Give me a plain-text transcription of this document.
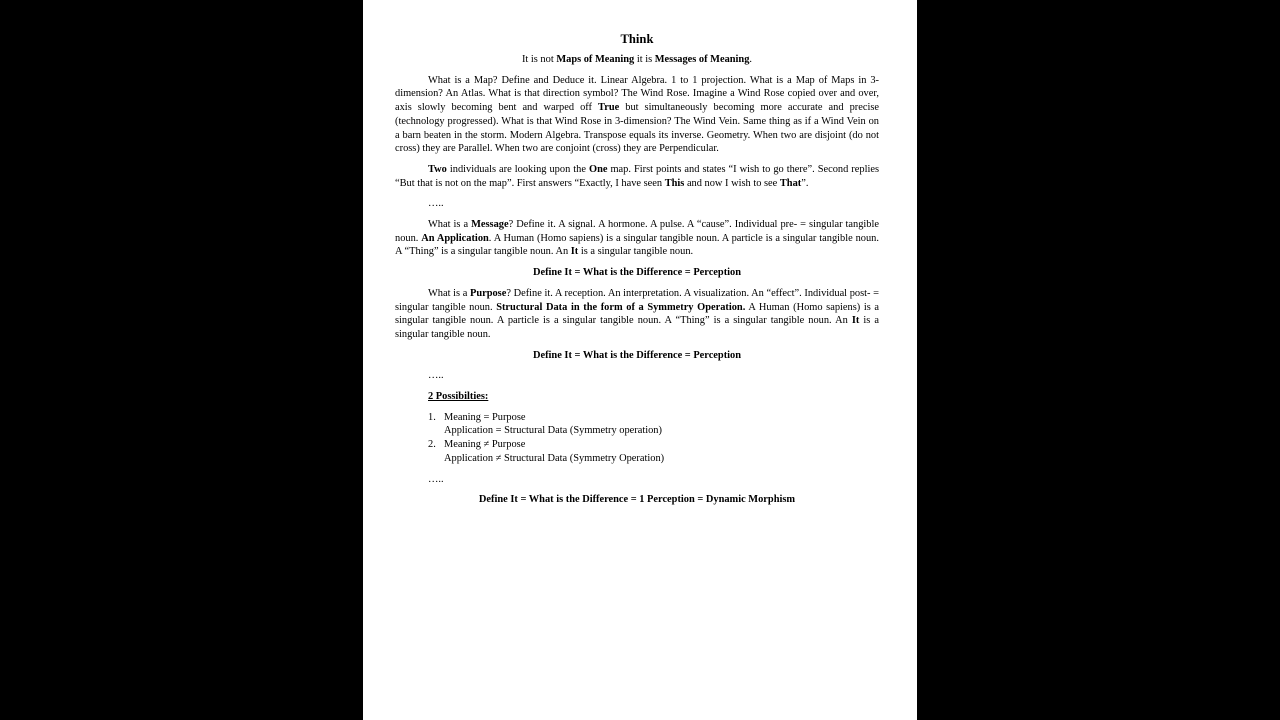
Think
It is not Maps of Meaning it is Messages of Meaning.

What is a Map? Define and Deduce it. Linear Algebra. 1 to 1 projection. What is a Map of Maps in 3-dimension? An Atlas. What is that direction symbol? The Wind Rose. Imagine a Wind Rose copied over and over, axis slowly becoming bent and warped off True but simultaneously becoming more accurate and precise (technology progressed). What is that Wind Rose in 3-dimension? The Wind Vein. Same thing as if a Wind Vein on a barn beaten in the storm. Modern Algebra. Transpose equals its inverse. Geometry. When two are disjoint (do not cross) they are Parallel. When two are conjoint (cross) they are Perpendicular.

Two individuals are looking upon the One map. First points and states “I wish to go there”. Second replies “But that is not on the map”. First answers “Exactly, I have seen This and now I wish to see That”.

…..

What is a Message? Define it. A signal. A hormone. A pulse. A “cause”. Individual pre- = singular tangible noun. An Application. A Human (Homo sapiens) is a singular tangible noun. A particle is a singular tangible noun. A “Thing” is a singular tangible noun. An It is a singular tangible noun.

Define It = What is the Difference = Perception

What is a Purpose? Define it. A reception. An interpretation. A visualization. An “effect”. Individual post- = singular tangible noun. Structural Data in the form of a Symmetry Operation. A Human (Homo sapiens) is a singular tangible noun. A particle is a singular tangible noun. A “Thing” is a singular tangible noun. An It is a singular tangible noun.

Define It = What is the Difference = Perception
…..
2 Possibilties:
1. Meaning = Purpose
Application = Structural Data (Symmetry operation)
2. Meaning ≠ Purpose
Application ≠ Structural Data (Symmetry Operation)
…..
Define It = What is the Difference = 1 Perception = Dynamic Morphism
